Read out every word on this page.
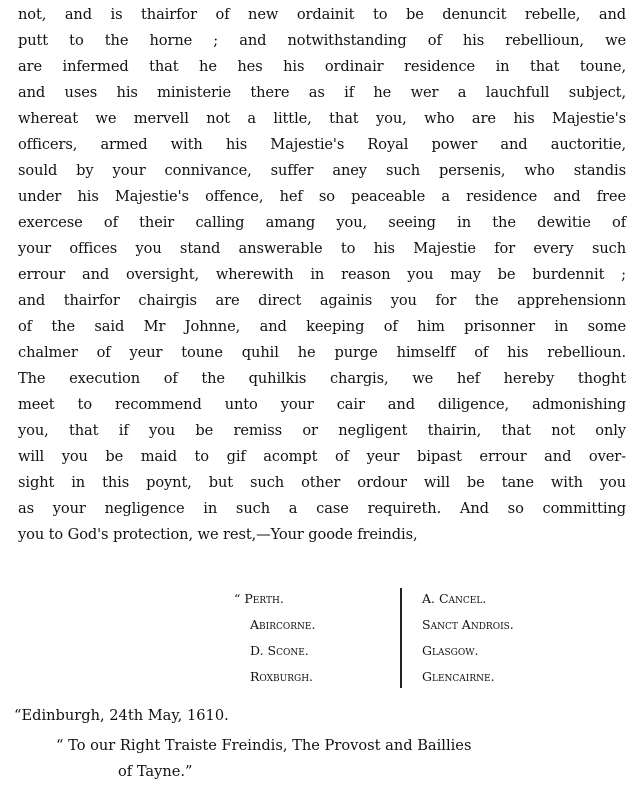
not, and is thairfor of new ordainit to be denuncit rebelle, and
putt to the horne ; and notwithstanding of his rebellioun, we
are infermed that he hes his ordinair residence in that toune,
and uses his ministerie there as if he wer a lauchfull subject,
whereat we mervell not a little, that you, who are his Majestie's
officers, armed with his Majestie's Royal power and auctoritie,
sould by your connivance, suffer aney such persenis, who standis
under his Majestie's offence, hef so peaceable a residence and free
exercese of their calling amang you, seeing in the dewitie of
your offices you stand answerable to his Majestie for every such
errour and oversight, wherewith in reason you may be burdennit ;
and thairfor chairgis are direct againis you for the apprehensionn
of the said Mr Johnne, and keeping of him prisonner in some
chalmer of yeur toune quhil he purge himselff of his rebellioun.
The execution of the quhilkis chargis, we hef hereby thoght
meet to recommend unto your cair and diligence, admonishing
you, that if you be remiss or negligent thairin, that not only
will you be maid to gif acompt of yeur bipast errour and over-
sight in this poynt, but such other ordour will be tane with you
as your negligence in such a case requireth. And so committing
you to God's protection, we rest,—Your goode freindis,
“ Perth.
Abircorne.
D. Scone.
Roxburgh.
A. Cancel.
Sanct Androis.
Glasgow.
Glencairne.
“Edinburgh, 24th May, 1610.
“ To our Right Traiste Freindis, The Provost and Baillies
of Tayne.”
